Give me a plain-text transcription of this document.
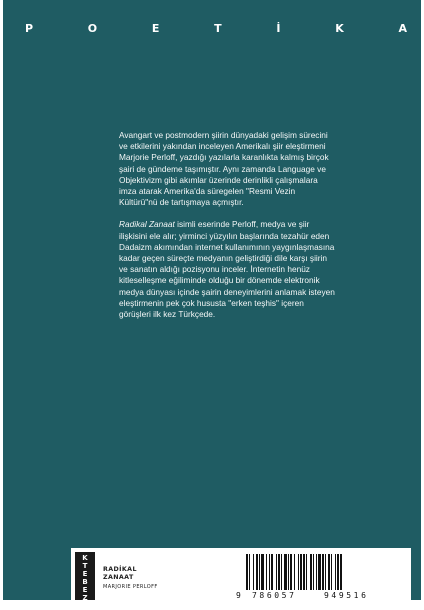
P	O	E	T	İ	K	A

Avangart ve postmodern şiirin dünyadaki gelişim sürecini ve etkilerini yakından inceleyen Amerikalı şiir eleştirmeni Marjorie Perloff, yazdığı yazılarla karanlıkta kalmış birçok şairi de gündeme taşımıştır. Aynı zamanda Language ve Objektivizm gibi akımlar üzerinde derinlikli çalışmalara imza atarak Amerika'da süregelen "Resmi Vezin Kültürü"nü de tartışmaya açmıştır.

Radikal Zanaat isimli eserinde Perloff, medya ve şiir ilişkisini ele alır; yirminci yüzyılın başlarında tezahür eden Dadaizm akımından internet kullanımının yaygınlaşmasına kadar geçen süreçte medyanın geliştirdiği dile karşı şiirin ve sanatın aldığı pozisyonu inceler. İnternetin henüz kitleselleşme eğiliminde olduğu bir dönemde elektronik medya dünyası içinde şairin deneyimlerini anlamak isteyen eleştirmenin pek çok hususta "erken teşhis" içeren görüşleri ilk kez Türkçede.

K
T
E
B
E
Z
E
RADİKAL
ZANAAT
MARJORIE PERLOFF
9	786057	949516
